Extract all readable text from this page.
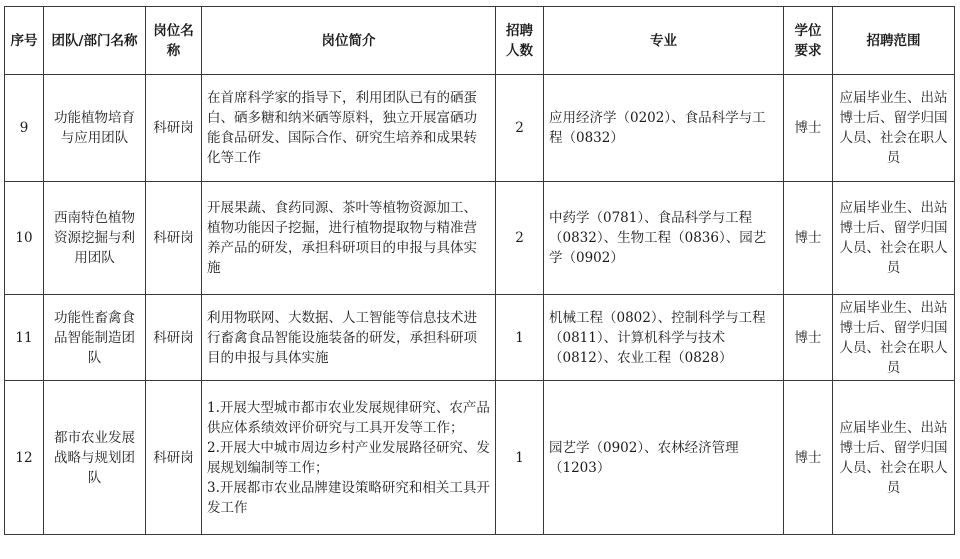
序号	团队/部门名称	岗位名称	岗位简介	招聘人数	专业	学位要求	招聘范围
9	功能植物培育与应用团队	科研岗	在首席科学家的指导下，利用团队已有的硒蛋白、硒多糖和纳米硒等原料，独立开展富硒功能食品研发、国际合作、研究生培养和成果转化等工作	2	应用经济学（0202）、食品科学与工程（0832）	博士	应届毕业生、出站博士后、留学归国人员、社会在职人员
10	西南特色植物资源挖掘与利用团队	科研岗	开展果蔬、食药同源、茶叶等植物资源加工、植物功能因子挖掘，进行植物提取物与精准营养产品的研发，承担科研项目的申报与具体实施	2	中药学（0781）、食品科学与工程（0832）、生物工程（0836）、园艺学（0902）	博士	应届毕业生、出站博士后、留学归国人员、社会在职人员
11	功能性畜禽食品智能制造团队	科研岗	利用物联网、大数据、人工智能等信息技术进行畜禽食品智能设施装备的研发，承担科研项目的申报与具体实施	1	机械工程（0802）、控制科学与工程（0811）、计算机科学与技术（0812）、农业工程（0828）	博士	应届毕业生、出站博士后、留学归国人员、社会在职人员
12	都市农业发展战略与规划团队	科研岗	1.开展大型城市都市农业发展规律研究、农产品供应体系绩效评价研究与工具开发等工作；
2.开展大中城市周边乡村产业发展路径研究、发展规划编制等工作；
3.开展都市农业品牌建设策略研究和相关工具开发工作	1	园艺学（0902）、农林经济管理（1203）	博士	应届毕业生、出站博士后、留学归国人员、社会在职人员
